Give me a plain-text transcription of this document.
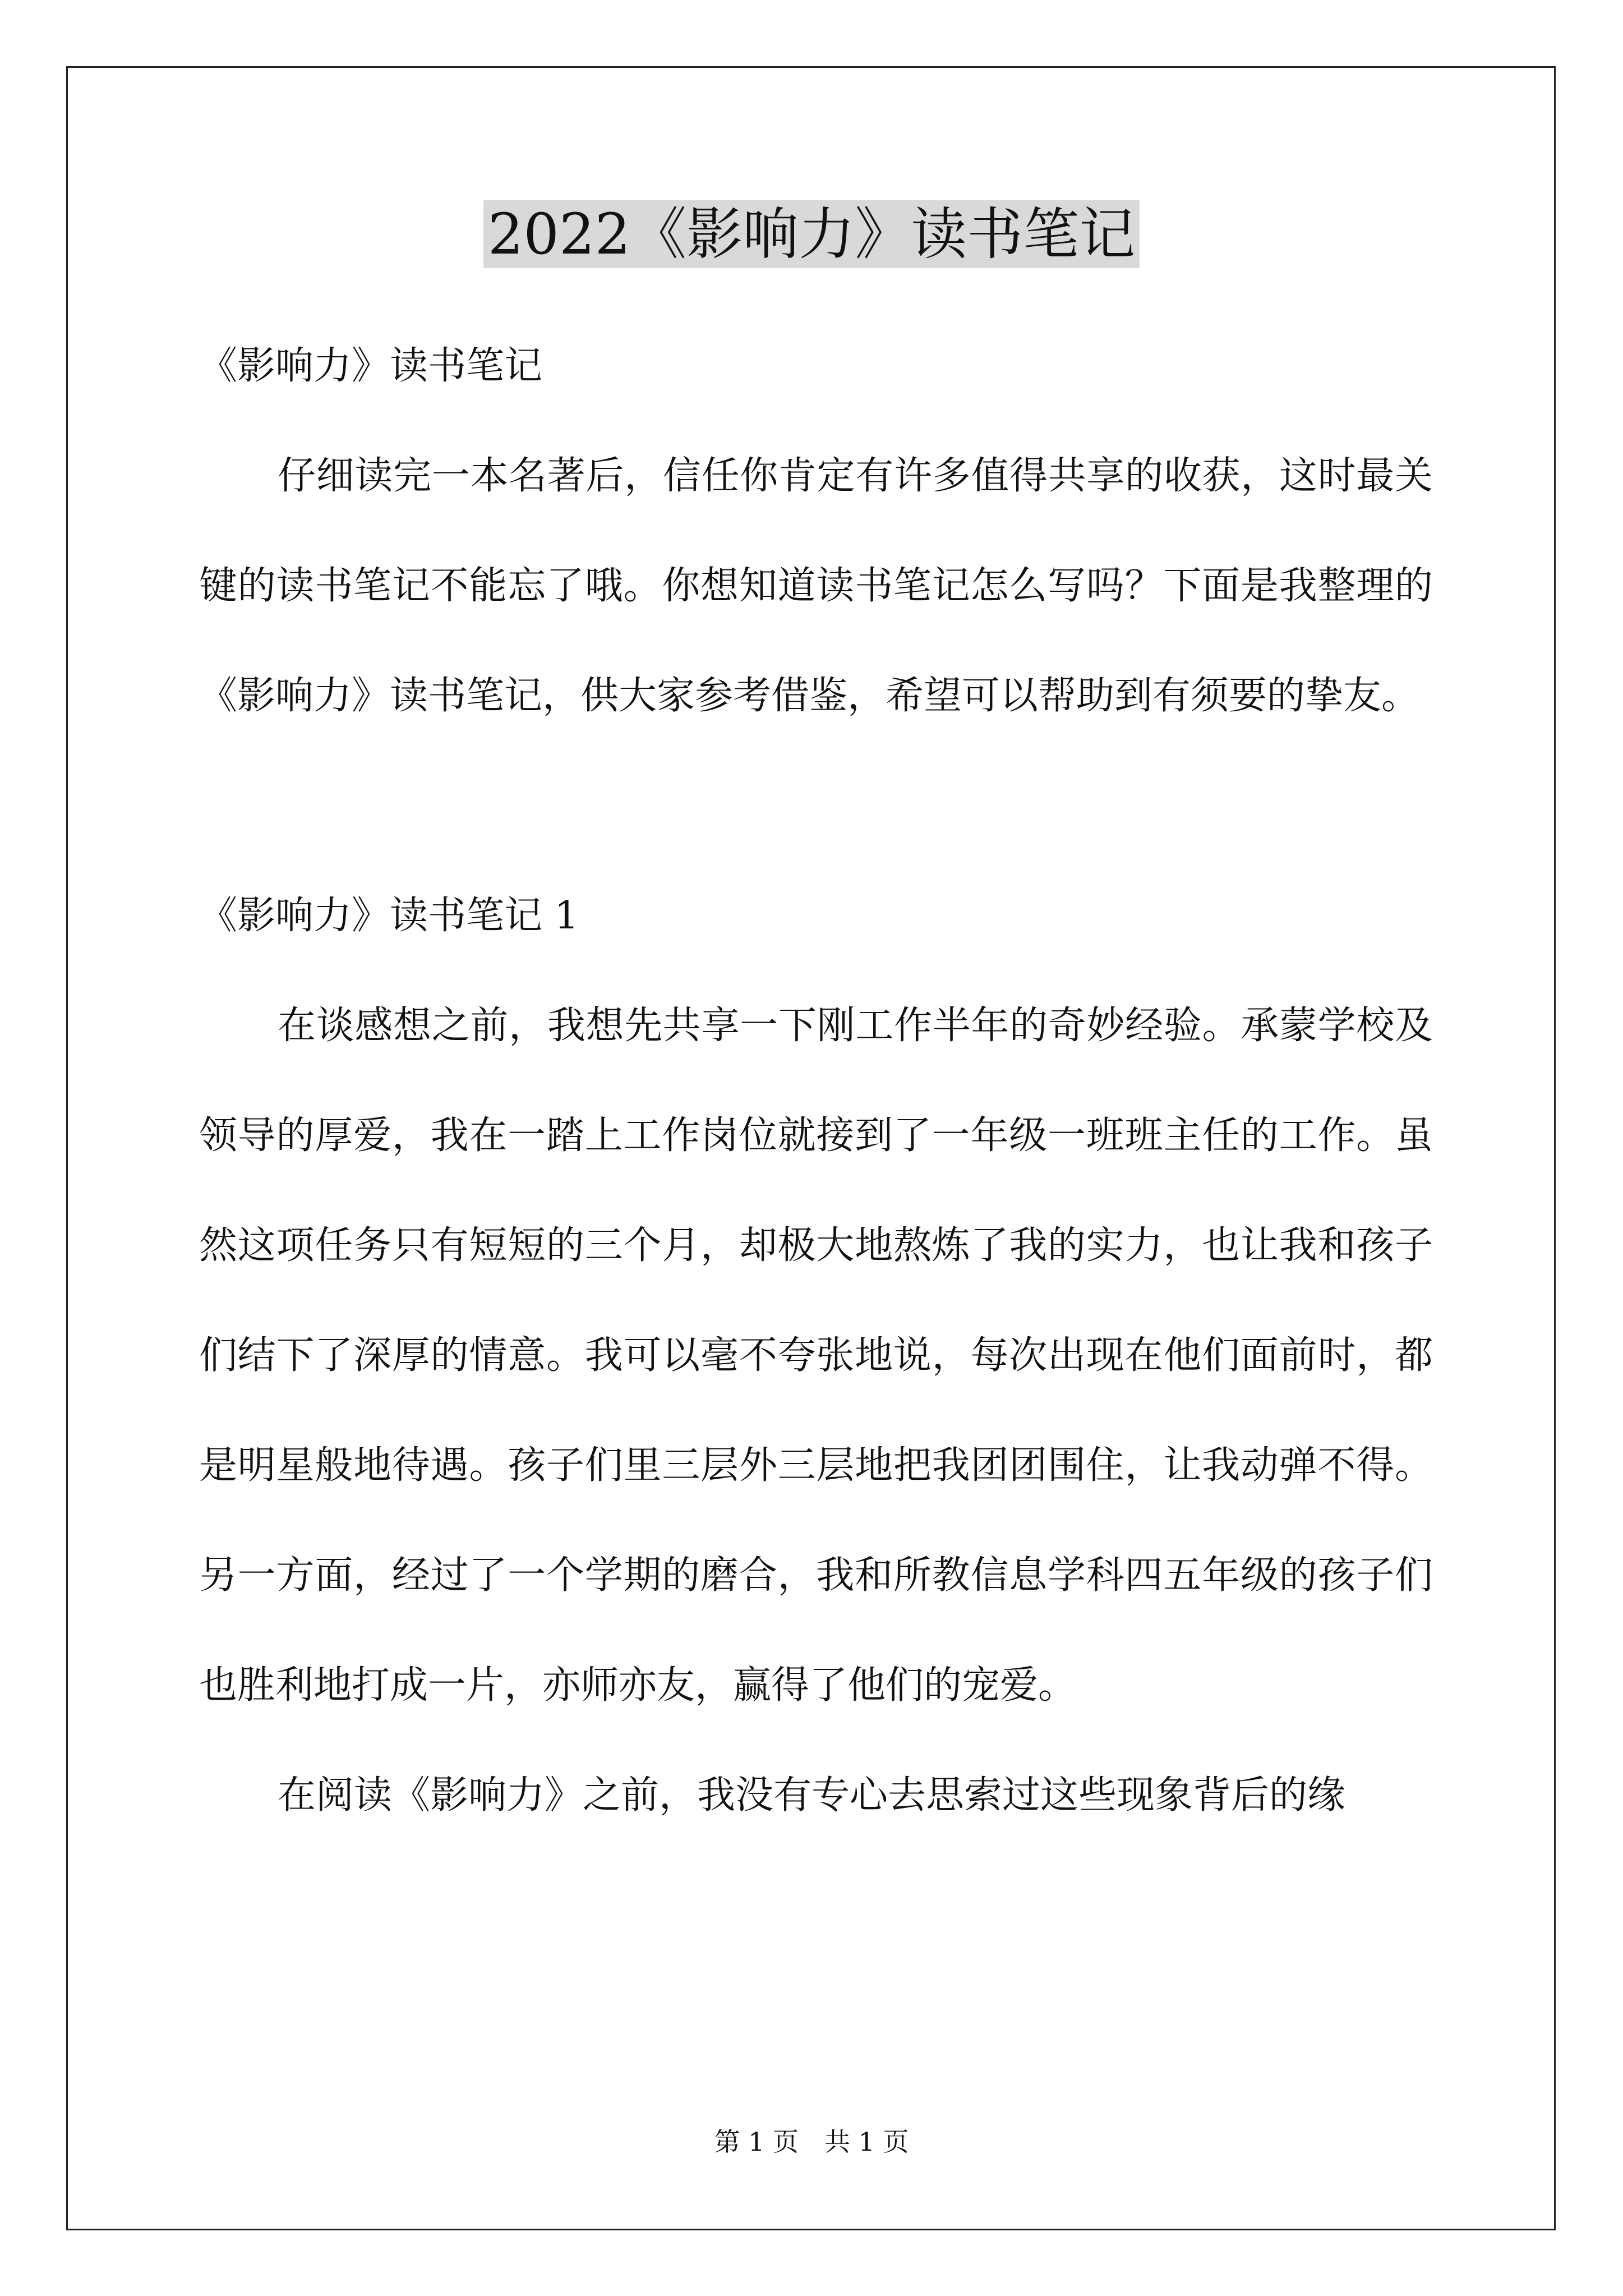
2022《影响力》读书笔记

《影响力》读书笔记

仔细读完一本名著后，信任你肯定有许多值得共享的收获，这时最关键的读书笔记不能忘了哦。你想知道读书笔记怎么写吗？下面是我整理的《影响力》读书笔记，供大家参考借鉴，希望可以帮助到有须要的挚友。

《影响力》读书笔记 1

在谈感想之前，我想先共享一下刚工作半年的奇妙经验。承蒙学校及领导的厚爱，我在一踏上工作岗位就接到了一年级一班班主任的工作。虽然这项任务只有短短的三个月，却极大地熬炼了我的实力，也让我和孩子们结下了深厚的情意。我可以毫不夸张地说，每次出现在他们面前时，都是明星般地待遇。孩子们里三层外三层地把我团团围住，让我动弹不得。另一方面，经过了一个学期的磨合，我和所教信息学科四五年级的孩子们也胜利地打成一片，亦师亦友，赢得了他们的宠爱。

在阅读《影响力》之前，我没有专心去思索过这些现象背后的缘

第 1 页　共 1 页
